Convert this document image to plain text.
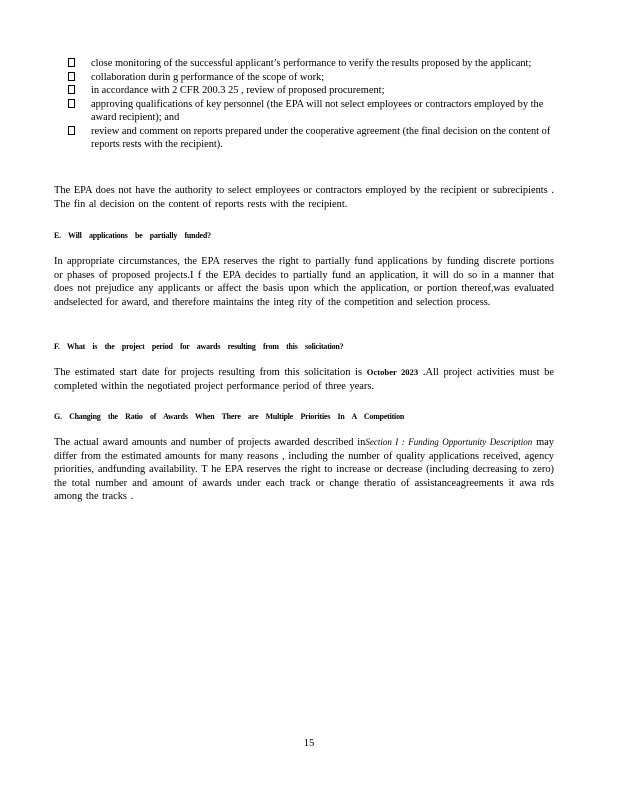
close monitoring of the successful applicant’s performance to verify the results proposed by the applicant;
collaboration durin g performance of the scope of work;
in accordance with 2 CFR 200.3 25 , review of proposed procurement;
approving qualifications of key personnel (the EPA will not select employees or contractors employed by the award recipient); and
review and comment on reports prepared under the cooperative agreement (the final decision on the content of reports rests with the recipient).

The EPA does not have the authority to select employees or contractors employed by the recipient or subrecipients . The fin al decision on the content of reports rests with the recipient.

E. Will applications be partially funded?

In appropriate circumstances, the EPA reserves the right to partially fund applications by funding discrete portions or phases of proposed projects.I f the EPA decides to partially fund an application, it will do so in a manner that does not prejudice any applicants or affect the basis upon which the application, or portion thereof,was evaluated andselected for award, and therefore maintains the integ rity of the competition and selection process.

F. What is the project period for awards resulting from this solicitation?

The estimated start date for projects resulting from this solicitation is October 2023 .All project activities must be completed within the negotiated project performance period of three years.

G. Changing the Ratio of Awards When There are Multiple Priorities In A Competition

The actual award amounts and number of projects awarded described inSection I : Funding Opportunity Description may differ from the estimated amounts for many reasons , including the number of quality applications received, agency priorities, andfunding availability. T he EPA reserves the right to increase or decrease (including decreasing to zero) the total number and amount of awards under each track or change theratio of assistanceagreements it awa rds among the tracks .

15
